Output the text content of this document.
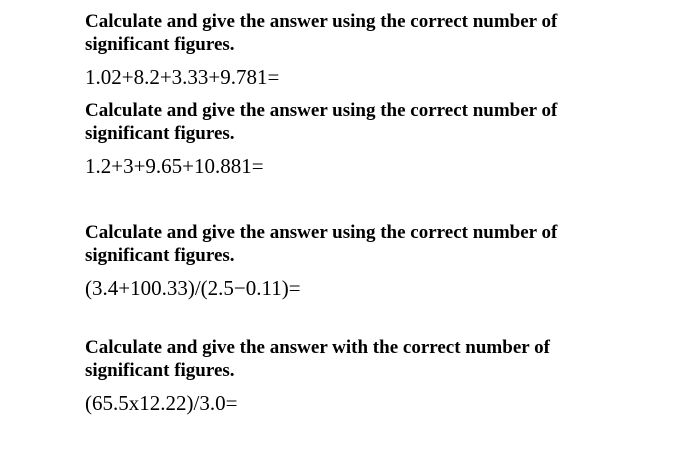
Calculate and give the answer using the correct number of
significant figures.

1.02+8.2+3.33+9.781=

Calculate and give the answer using the correct number of
significant figures.

1.2+3+9.65+10.881=

Calculate and give the answer using the correct number of
significant figures.

(3.4+100.33)/(2.5−0.11)=

Calculate and give the answer with the correct number of
significant figures.

(65.5x12.22)/3.0=
